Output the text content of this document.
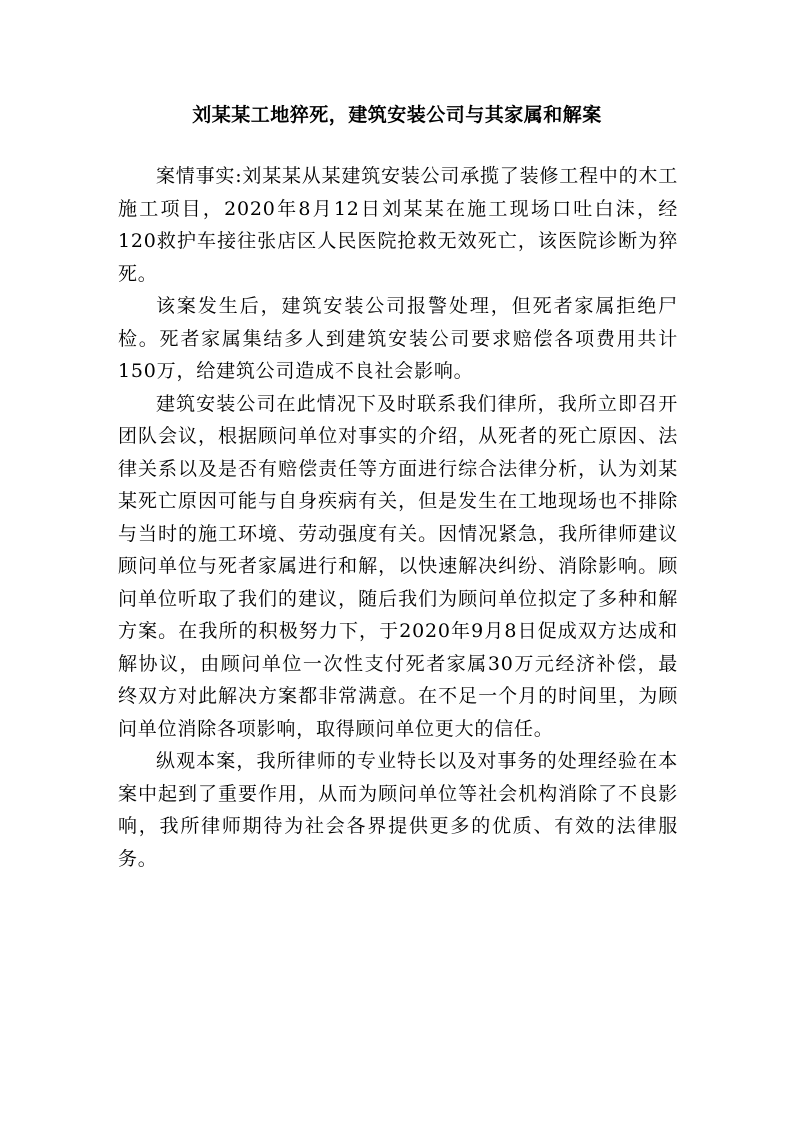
刘某某工地猝死，建筑安装公司与其家属和解案

案情事实:刘某某从某建筑安装公司承揽了装修工程中的木工施工项目，2020年8月12日刘某某在施工现场口吐白沫，经120救护车接往张店区人民医院抢救无效死亡，该医院诊断为猝死。

该案发生后，建筑安装公司报警处理，但死者家属拒绝尸检。死者家属集结多人到建筑安装公司要求赔偿各项费用共计150万，给建筑公司造成不良社会影响。

建筑安装公司在此情况下及时联系我们律所，我所立即召开团队会议，根据顾问单位对事实的介绍，从死者的死亡原因、法律关系以及是否有赔偿责任等方面进行综合法律分析，认为刘某某死亡原因可能与自身疾病有关，但是发生在工地现场也不排除与当时的施工环境、劳动强度有关。因情况紧急，我所律师建议顾问单位与死者家属进行和解，以快速解决纠纷、消除影响。顾问单位听取了我们的建议，随后我们为顾问单位拟定了多种和解方案。在我所的积极努力下，于2020年9月8日促成双方达成和解协议，由顾问单位一次性支付死者家属30万元经济补偿，最终双方对此解决方案都非常满意。在不足一个月的时间里，为顾问单位消除各项影响，取得顾问单位更大的信任。

纵观本案，我所律师的专业特长以及对事务的处理经验在本案中起到了重要作用，从而为顾问单位等社会机构消除了不良影响，我所律师期待为社会各界提供更多的优质、有效的法律服务。
